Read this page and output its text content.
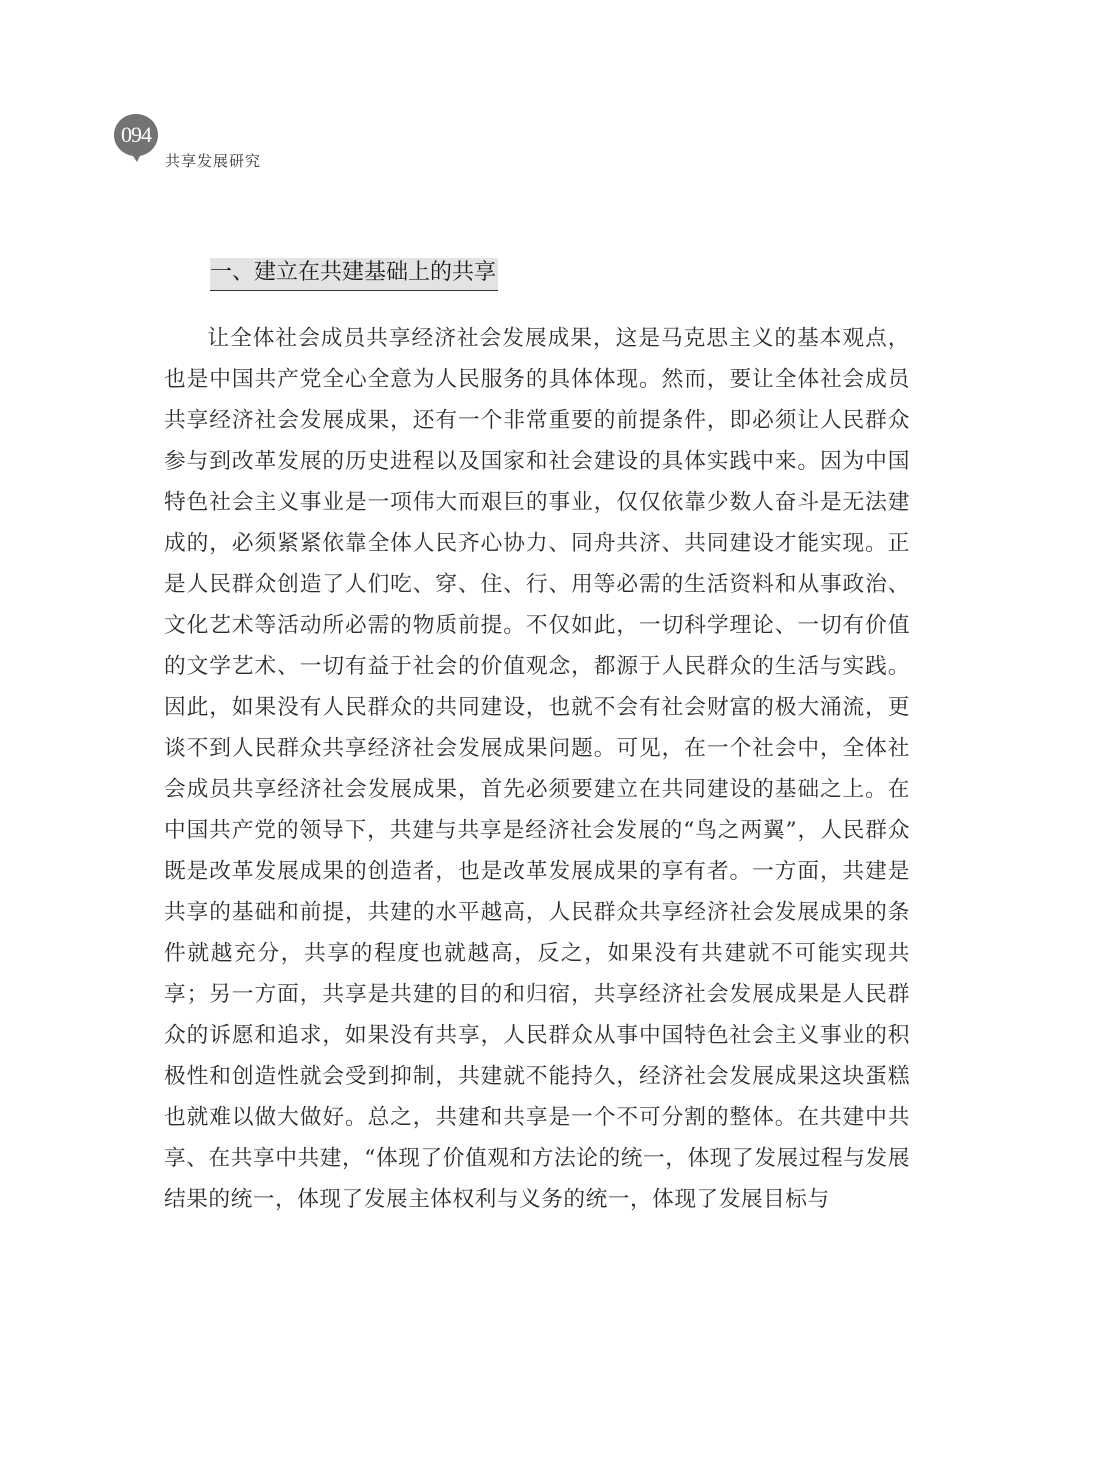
094
共享发展研究
一、建立在共建基础上的共享

让全体社会成员共享经济社会发展成果，这是马克思主义的基本观点，也是中国共产党全心全意为人民服务的具体体现。然而，要让全体社会成员共享经济社会发展成果，还有一个非常重要的前提条件，即必须让人民群众参与到改革发展的历史进程以及国家和社会建设的具体实践中来。因为中国特色社会主义事业是一项伟大而艰巨的事业，仅仅依靠少数人奋斗是无法建成的，必须紧紧依靠全体人民齐心协力、同舟共济、共同建设才能实现。正是人民群众创造了人们吃、穿、住、行、用等必需的生活资料和从事政治、文化艺术等活动所必需的物质前提。不仅如此，一切科学理论、一切有价值的文学艺术、一切有益于社会的价值观念，都源于人民群众的生活与实践。因此，如果没有人民群众的共同建设，也就不会有社会财富的极大涌流，更谈不到人民群众共享经济社会发展成果问题。可见，在一个社会中，全体社会成员共享经济社会发展成果，首先必须要建立在共同建设的基础之上。在中国共产党的领导下，共建与共享是经济社会发展的“鸟之两翼”，人民群众既是改革发展成果的创造者，也是改革发展成果的享有者。一方面，共建是共享的基础和前提，共建的水平越高，人民群众共享经济社会发展成果的条件就越充分，共享的程度也就越高，反之，如果没有共建就不可能实现共享；另一方面，共享是共建的目的和归宿，共享经济社会发展成果是人民群众的诉愿和追求，如果没有共享，人民群众从事中国特色社会主义事业的积极性和创造性就会受到抑制，共建就不能持久，经济社会发展成果这块蛋糕也就难以做大做好。总之，共建和共享是一个不可分割的整体。在共建中共享、在共享中共建，“体现了价值观和方法论的统一，体现了发展过程与发展结果的统一，体现了发展主体权利与义务的统一，体现了发展目标与
